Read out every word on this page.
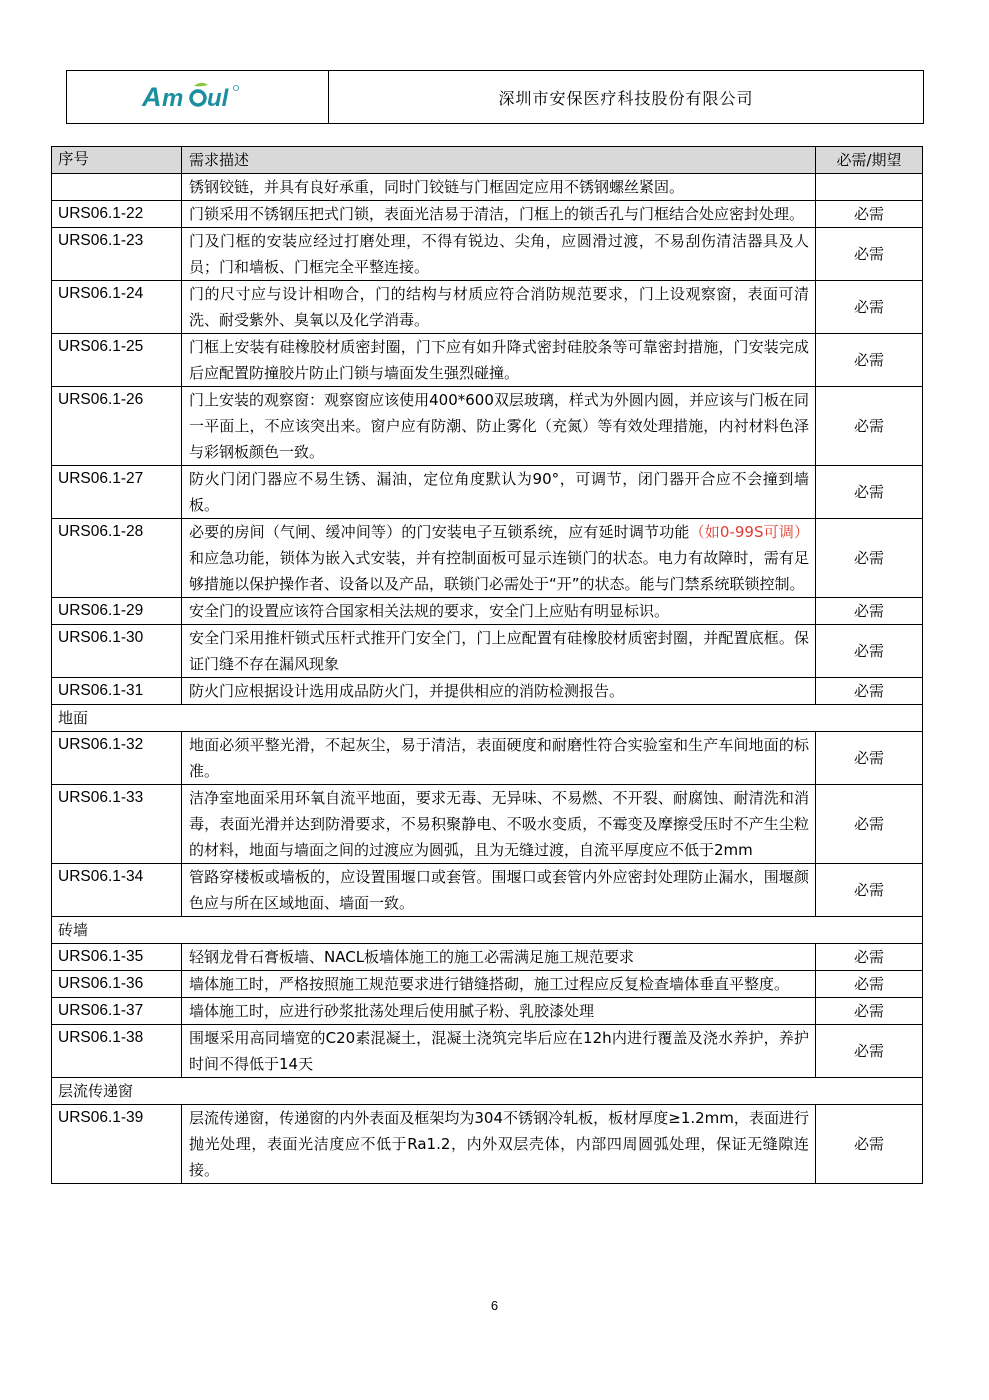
A m ul	深圳市安保医疗科技股份有限公司
序号	需求描述	必需/期望
	锈钢铰链，并具有良好承重，同时门铰链与门框固定应用不锈钢螺丝紧固。	
URS06.1-22	门锁采用不锈钢压把式门锁，表面光洁易于清洁，门框上的锁舌孔与门框结合处应密封处理。	必需
URS06.1-23	门及门框的安装应经过打磨处理，不得有锐边、尖角，应圆滑过渡，不易刮伤清洁器具及人员；门和墙板、门框完全平整连接。	必需
URS06.1-24	门的尺寸应与设计相吻合，门的结构与材质应符合消防规范要求，门上设观察窗，表面可清洗、耐受紫外、臭氧以及化学消毒。	必需
URS06.1-25	门框上安装有硅橡胶材质密封圈，门下应有如升降式密封硅胶条等可靠密封措施，门安装完成后应配置防撞胶片防止门锁与墙面发生强烈碰撞。	必需
URS06.1-26	门上安装的观察窗：观察窗应该使用400*600双层玻璃，样式为外圆内圆，并应该与门板在同一平面上，不应该突出来。窗户应有防潮、防止雾化（充氮）等有效处理措施，内衬材料色泽与彩钢板颜色一致。	必需
URS06.1-27	防火门闭门器应不易生锈、漏油，定位角度默认为90°，可调节，闭门器开合应不会撞到墙板。	必需
URS06.1-28	必要的房间（气闸、缓冲间等）的门安装电子互锁系统，应有延时调节功能（如0-99S可调）和应急功能，锁体为嵌入式安装，并有控制面板可显示连锁门的状态。电力有故障时，需有足够措施以保护操作者、设备以及产品，联锁门必需处于“开”的状态。能与门禁系统联锁控制。	必需
URS06.1-29	安全门的设置应该符合国家相关法规的要求，安全门上应贴有明显标识。	必需
URS06.1-30	安全门采用推杆锁式压杆式推开门安全门，门上应配置有硅橡胶材质密封圈，并配置底框。保证门缝不存在漏风现象	必需
URS06.1-31	防火门应根据设计选用成品防火门，并提供相应的消防检测报告。	必需
地面		
URS06.1-32	地面必须平整光滑，不起灰尘，易于清洁，表面硬度和耐磨性符合实验室和生产车间地面的标准。	必需
URS06.1-33	洁净室地面采用环氧自流平地面，要求无毒、无异味、不易燃、不开裂、耐腐蚀、耐清洗和消毒，表面光滑并达到防滑要求，不易积聚静电、不吸水变质，不霉变及摩擦受压时不产生尘粒的材料，地面与墙面之间的过渡应为圆弧，且为无缝过渡，自流平厚度应不低于2mm	必需
URS06.1-34	管路穿楼板或墙板的，应设置围堰口或套管。围堰口或套管内外应密封处理防止漏水，围堰颜色应与所在区域地面、墙面一致。	必需
砖墙		
URS06.1-35	轻钢龙骨石膏板墙、NACL板墙体施工的施工必需满足施工规范要求	必需
URS06.1-36	墙体施工时，严格按照施工规范要求进行错缝搭砌，施工过程应反复检查墙体垂直平整度。	必需
URS06.1-37	墙体施工时，应进行砂浆批荡处理后使用腻子粉、乳胶漆处理	必需
URS06.1-38	围堰采用高同墙宽的C20素混凝土，混凝土浇筑完毕后应在12h内进行覆盖及浇水养护，养护时间不得低于14天	必需
层流传递窗		
URS06.1-39	层流传递窗，传递窗的内外表面及框架均为304不锈钢冷轧板，板材厚度≥1.2mm，表面进行抛光处理，表面光洁度应不低于Ra1.2，内外双层壳体，内部四周圆弧处理，保证无缝隙连接。	必需
6
